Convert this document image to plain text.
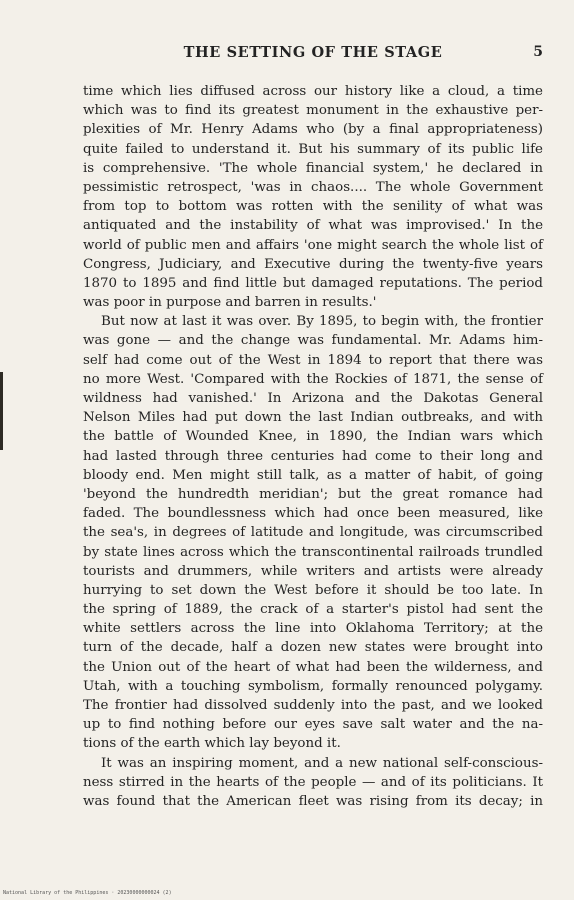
THE SETTING OF THE STAGE	5
time which lies diffused across our history like a cloud, a time
which was to find its greatest monument in the exhaustive per-
plexities of Mr. Henry Adams who (by a final appropriateness)
quite failed to understand it. But his summary of its public life
is comprehensive. 'The whole financial system,' he declared in
pessimistic retrospect, 'was in chaos.... The whole Government
from top to bottom was rotten with the senility of what was
antiquated and the instability of what was improvised.' In the
world of public men and affairs 'one might search the whole list of
Congress, Judiciary, and Executive during the twenty-five years
1870 to 1895 and find little but damaged reputations. The period
was poor in purpose and barren in results.'
But now at last it was over. By 1895, to begin with, the frontier
was gone — and the change was fundamental. Mr. Adams him-
self had come out of the West in 1894 to report that there was
no more West. 'Compared with the Rockies of 1871, the sense of
wildness had vanished.' In Arizona and the Dakotas General
Nelson Miles had put down the last Indian outbreaks, and with
the battle of Wounded Knee, in 1890, the Indian wars which
had lasted through three centuries had come to their long and
bloody end. Men might still talk, as a matter of habit, of going
'beyond the hundredth meridian'; but the great romance had
faded. The boundlessness which had once been measured, like
the sea's, in degrees of latitude and longitude, was circumscribed
by state lines across which the transcontinental railroads trundled
tourists and drummers, while writers and artists were already
hurrying to set down the West before it should be too late. In
the spring of 1889, the crack of a starter's pistol had sent the
white settlers across the line into Oklahoma Territory; at the
turn of the decade, half a dozen new states were brought into
the Union out of the heart of what had been the wilderness, and
Utah, with a touching symbolism, formally renounced polygamy.
The frontier had dissolved suddenly into the past, and we looked
up to find nothing before our eyes save salt water and the na-
tions of the earth which lay beyond it.
It was an inspiring moment, and a new national self-conscious-
ness stirred in the hearts of the people — and of its politicians. It
was found that the American fleet was rising from its decay; in
National Library of the Philippines · 20230000000024 (2)
